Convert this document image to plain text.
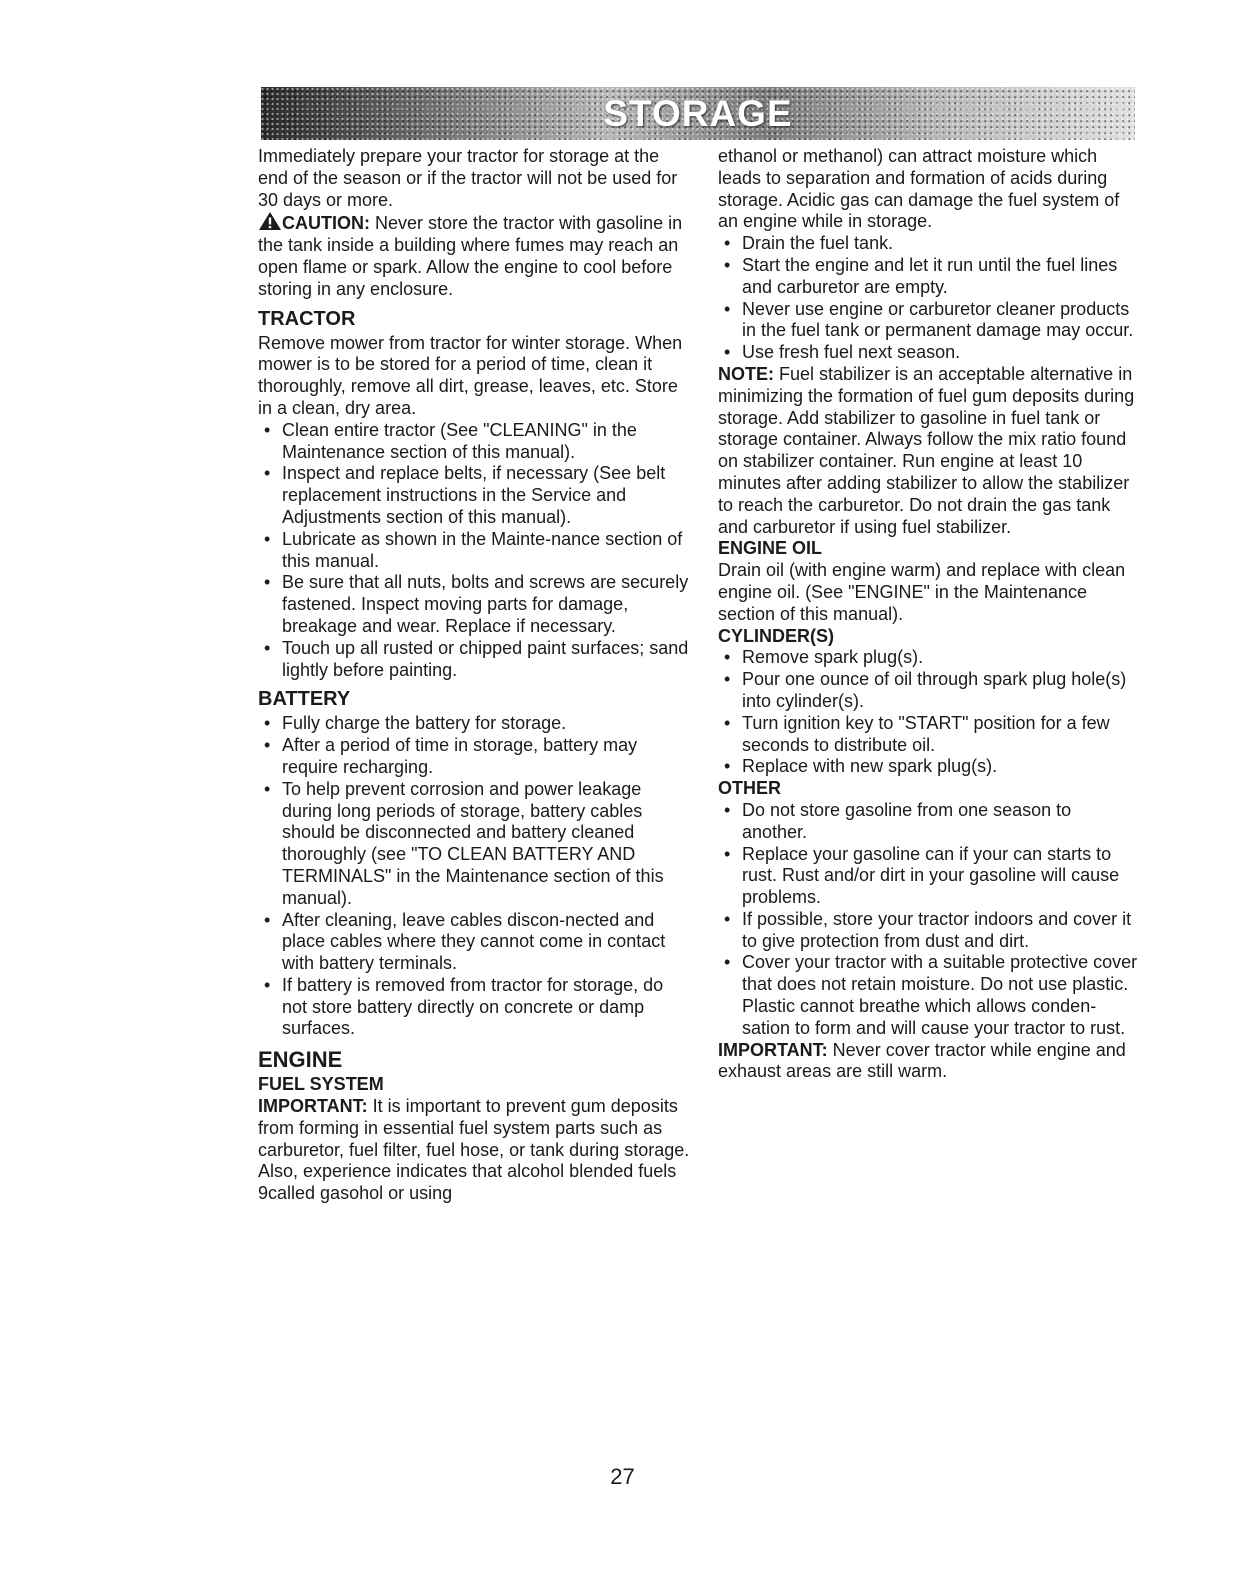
STORAGE

Immediately prepare your tractor for storage at the end of the season or if the tractor will not be used for 30 days or more.

CAUTION: Never store the tractor with gasoline in the tank inside a building where fumes may reach an open flame or spark. Allow the engine to cool before storing in any enclosure.

TRACTOR

Remove mower from tractor for winter storage. When mower is to be stored for a period of time, clean it thoroughly, remove all dirt, grease, leaves, etc. Store in a clean, dry area.

• Clean entire tractor (See "CLEANING" in the Maintenance section of this manual).
• Inspect and replace belts, if necessary (See belt replacement instructions in the Service and Adjustments section of this manual).
• Lubricate as shown in the Mainte-nance section of this manual.
• Be sure that all nuts, bolts and screws are securely fastened. Inspect moving parts for damage, breakage and wear. Replace if necessary.
• Touch up all rusted or chipped paint surfaces; sand lightly before painting.
BATTERY
• Fully charge the battery for storage.
• After a period of time in storage, battery may require recharging.
• To help prevent corrosion and power leakage during long periods of storage, battery cables should be disconnected and battery cleaned thoroughly (see "TO CLEAN BATTERY AND TERMINALS" in the Maintenance section of this manual).
• After cleaning, leave cables discon-nected and place cables where they cannot come in contact with battery terminals.
• If battery is removed from tractor for storage, do not store battery directly on concrete or damp surfaces.
ENGINE
FUEL SYSTEM

IMPORTANT: It is important to prevent gum deposits from forming in essential fuel system parts such as carburetor, fuel filter, fuel hose, or tank during storage. Also, experience indicates that alcohol blended fuels 9called gasohol or using

ethanol or methanol) can attract moisture which leads to separation and formation of acids during storage. Acidic gas can damage the fuel system of an engine while in storage.

• Drain the fuel tank.
• Start the engine and let it run until the fuel lines and carburetor are empty.
• Never use engine or carburetor cleaner products in the fuel tank or permanent damage may occur.
• Use fresh fuel next season.

NOTE: Fuel stabilizer is an acceptable alternative in minimizing the formation of fuel gum deposits during storage. Add stabilizer to gasoline in fuel tank or storage container. Always follow the mix ratio found on stabilizer container. Run engine at least 10 minutes after adding stabilizer to allow the stabilizer to reach the carburetor. Do not drain the gas tank and carburetor if using fuel stabilizer.

ENGINE OIL

Drain oil (with engine warm) and replace with clean engine oil. (See "ENGINE" in the Maintenance section of this manual).

CYLINDER(S)
• Remove spark plug(s).
• Pour one ounce of oil through spark plug hole(s) into cylinder(s).
• Turn ignition key to "START" position for a few seconds to distribute oil.
• Replace with new spark plug(s).
OTHER
• Do not store gasoline from one season to another.
• Replace your gasoline can if your can starts to rust. Rust and/or dirt in your gasoline will cause problems.
• If possible, store your tractor indoors and cover it to give protection from dust and dirt.
• Cover your tractor with a suitable protective cover that does not retain moisture. Do not use plastic. Plastic cannot breathe which allows conden-sation to form and will cause your tractor to rust.

IMPORTANT: Never cover tractor while engine and exhaust areas are still warm.

27
